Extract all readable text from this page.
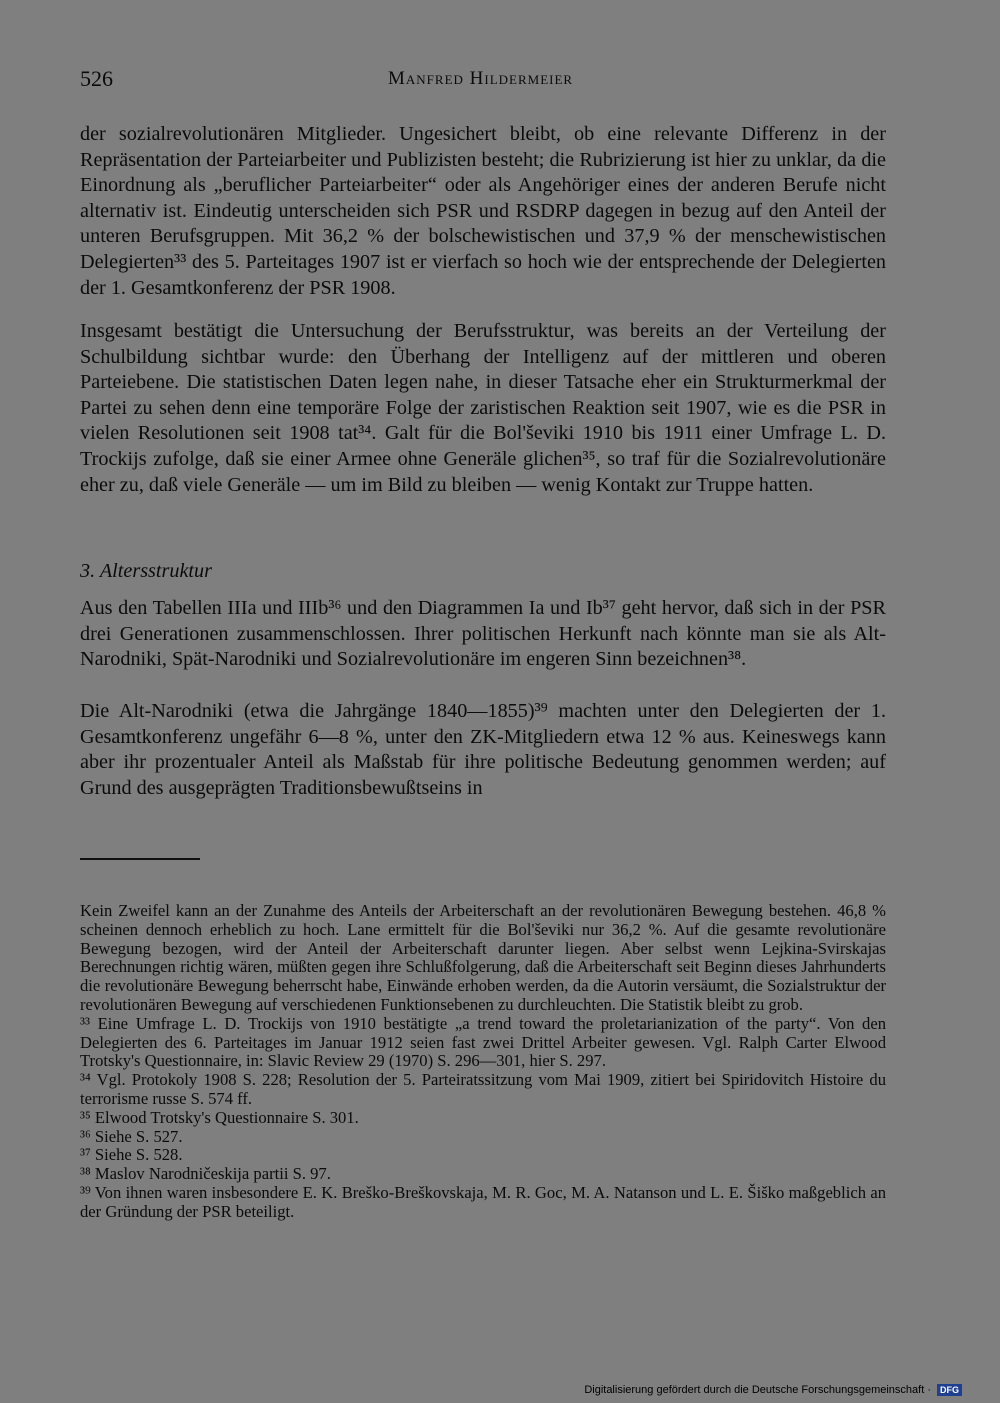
526	Manfred Hildermeier
der sozialrevolutionären Mitglieder. Ungesichert bleibt, ob eine relevante Differenz in der Repräsentation der Parteiarbeiter und Publizisten besteht; die Rubrizierung ist hier zu unklar, da die Einordnung als „beruflicher Parteiarbeiter“ oder als Angehöriger eines der anderen Berufe nicht alternativ ist. Eindeutig unterscheiden sich PSR und RSDRP dagegen in bezug auf den Anteil der unteren Berufsgruppen. Mit 36,2 % der bolschewistischen und 37,9 % der menschewistischen Delegierten³³ des 5. Parteitages 1907 ist er vierfach so hoch wie der entsprechende der Delegierten der 1. Gesamtkonferenz der PSR 1908.
Insgesamt bestätigt die Untersuchung der Berufsstruktur, was bereits an der Verteilung der Schulbildung sichtbar wurde: den Überhang der Intelligenz auf der mittleren und oberen Parteiebene. Die statistischen Daten legen nahe, in dieser Tatsache eher ein Strukturmerkmal der Partei zu sehen denn eine temporäre Folge der zaristischen Reaktion seit 1907, wie es die PSR in vielen Resolutionen seit 1908 tat³⁴. Galt für die Bol'ševiki 1910 bis 1911 einer Umfrage L. D. Trockijs zufolge, daß sie einer Armee ohne Generäle glichen³⁵, so traf für die Sozialrevolutionäre eher zu, daß viele Generäle — um im Bild zu bleiben — wenig Kontakt zur Truppe hatten.
3. Altersstruktur
Aus den Tabellen IIIa und IIIb³⁶ und den Diagrammen Ia und Ib³⁷ geht hervor, daß sich in der PSR drei Generationen zusammenschlossen. Ihrer politischen Herkunft nach könnte man sie als Alt-Narodniki, Spät-Narodniki und Sozialrevolutionäre im engeren Sinn bezeichnen³⁸.
Die Alt-Narodniki (etwa die Jahrgänge 1840—1855)³⁹ machten unter den Delegierten der 1. Gesamtkonferenz ungefähr 6—8 %, unter den ZK-Mitgliedern etwa 12 % aus. Keineswegs kann aber ihr prozentualer Anteil als Maßstab für ihre politische Bedeutung genommen werden; auf Grund des ausgeprägten Traditionsbewußtseins in

Kein Zweifel kann an der Zunahme des Anteils der Arbeiterschaft an der revolutionären Bewegung bestehen. 46,8 % scheinen dennoch erheblich zu hoch. Lane ermittelt für die Bol'ševiki nur 36,2 %. Auf die gesamte revolutionäre Bewegung bezogen, wird der Anteil der Arbeiterschaft darunter liegen. Aber selbst wenn Lejkina-Svirskajas Berechnungen richtig wären, müßten gegen ihre Schlußfolgerung, daß die Arbeiterschaft seit Beginn dieses Jahrhunderts die revolutionäre Bewegung beherrscht habe, Einwände erhoben werden, da die Autorin versäumt, die Sozialstruktur der revolutionären Bewegung auf verschiedenen Funktionsebenen zu durchleuchten. Die Statistik bleibt zu grob.

³³ Eine Umfrage L. D. Trockijs von 1910 bestätigte „a trend toward the proletarianization of the party“. Von den Delegierten des 6. Parteitages im Januar 1912 seien fast zwei Drittel Arbeiter gewesen. Vgl. Ralph Carter Elwood Trotsky's Questionnaire, in: Slavic Review 29 (1970) S. 296—301, hier S. 297.

³⁴ Vgl. Protokoly 1908 S. 228; Resolution der 5. Parteiratssitzung vom Mai 1909, zitiert bei Spiridovitch Histoire du terrorisme russe S. 574 ff.

³⁵ Elwood Trotsky's Questionnaire S. 301.

³⁶ Siehe S. 527.

³⁷ Siehe S. 528.

³⁸ Maslov Narodničeskija partii S. 97.

³⁹ Von ihnen waren insbesondere E. K. Breško-Breškovskaja, M. R. Goc, M. A. Natanson und L. E. Šiško maßgeblich an der Gründung der PSR beteiligt.

Digitalisierung gefördert durch die Deutsche Forschungsgemeinschaft ·	DFG
